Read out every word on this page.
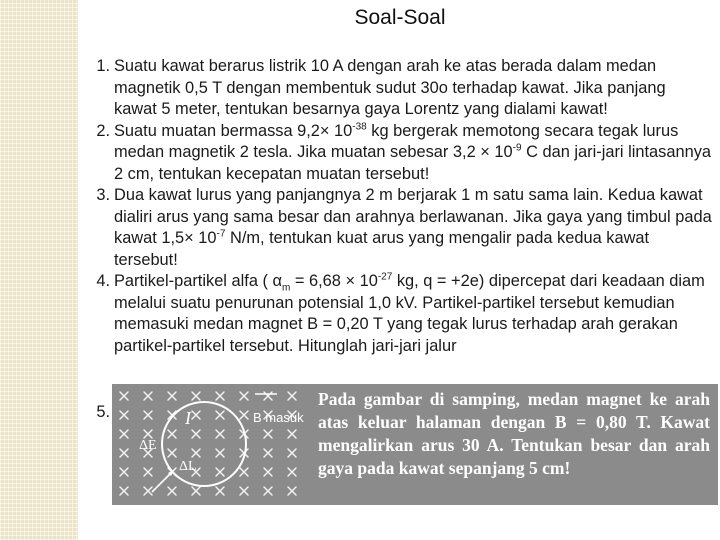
Soal-Soal
1. Suatu kawat berarus listrik 10 A dengan arah ke atas berada dalam medan magnetik 0,5 T dengan membentuk sudut 30o terhadap kawat. Jika panjang kawat 5 meter, tentukan besarnya gaya Lorentz yang dialami kawat!
2. Suatu muatan bermassa $9,2\times 10^{-38}$ kg bergerak memotong secara tegak lurus medan magnetik 2 tesla. Jika muatan sebesar $3,2 \times 10^{-9}$ C dan jari-jari lintasannya 2 cm, tentukan kecepatan muatan tersebut!
3. Dua kawat lurus yang panjangnya 2 m berjarak 1 m satu sama lain. Kedua kawat dialiri arus yang sama besar dan arahnya berlawanan. Jika gaya yang timbul pada kawat $1,5\times 10^{-7}$ N/m, tentukan kuat arus yang mengalir pada kedua kawat tersebut!
4. Partikel-partikel alfa ( $\alpha_m = 6,68 \times 10^{-27}$ kg, q = +2e) dipercepat dari keadaan diam melalui suatu penurunan potensial 1,0 kV. Partikel-partikel tersebut kemudian memasuki medan magnet B = 0,20 T yang tegak lurus terhadap arah gerakan partikel-partikel tersebut. Hitunglah jari-jari jalur
5.	I	B masuk
ΔE
ΔL
Pada gambar di samping, medan magnet ke arah atas keluar halaman dengan B = 0,80 T. Kawat mengalirkan arus 30 A. Tentukan besar dan arah gaya pada kawat sepanjang 5 cm!
